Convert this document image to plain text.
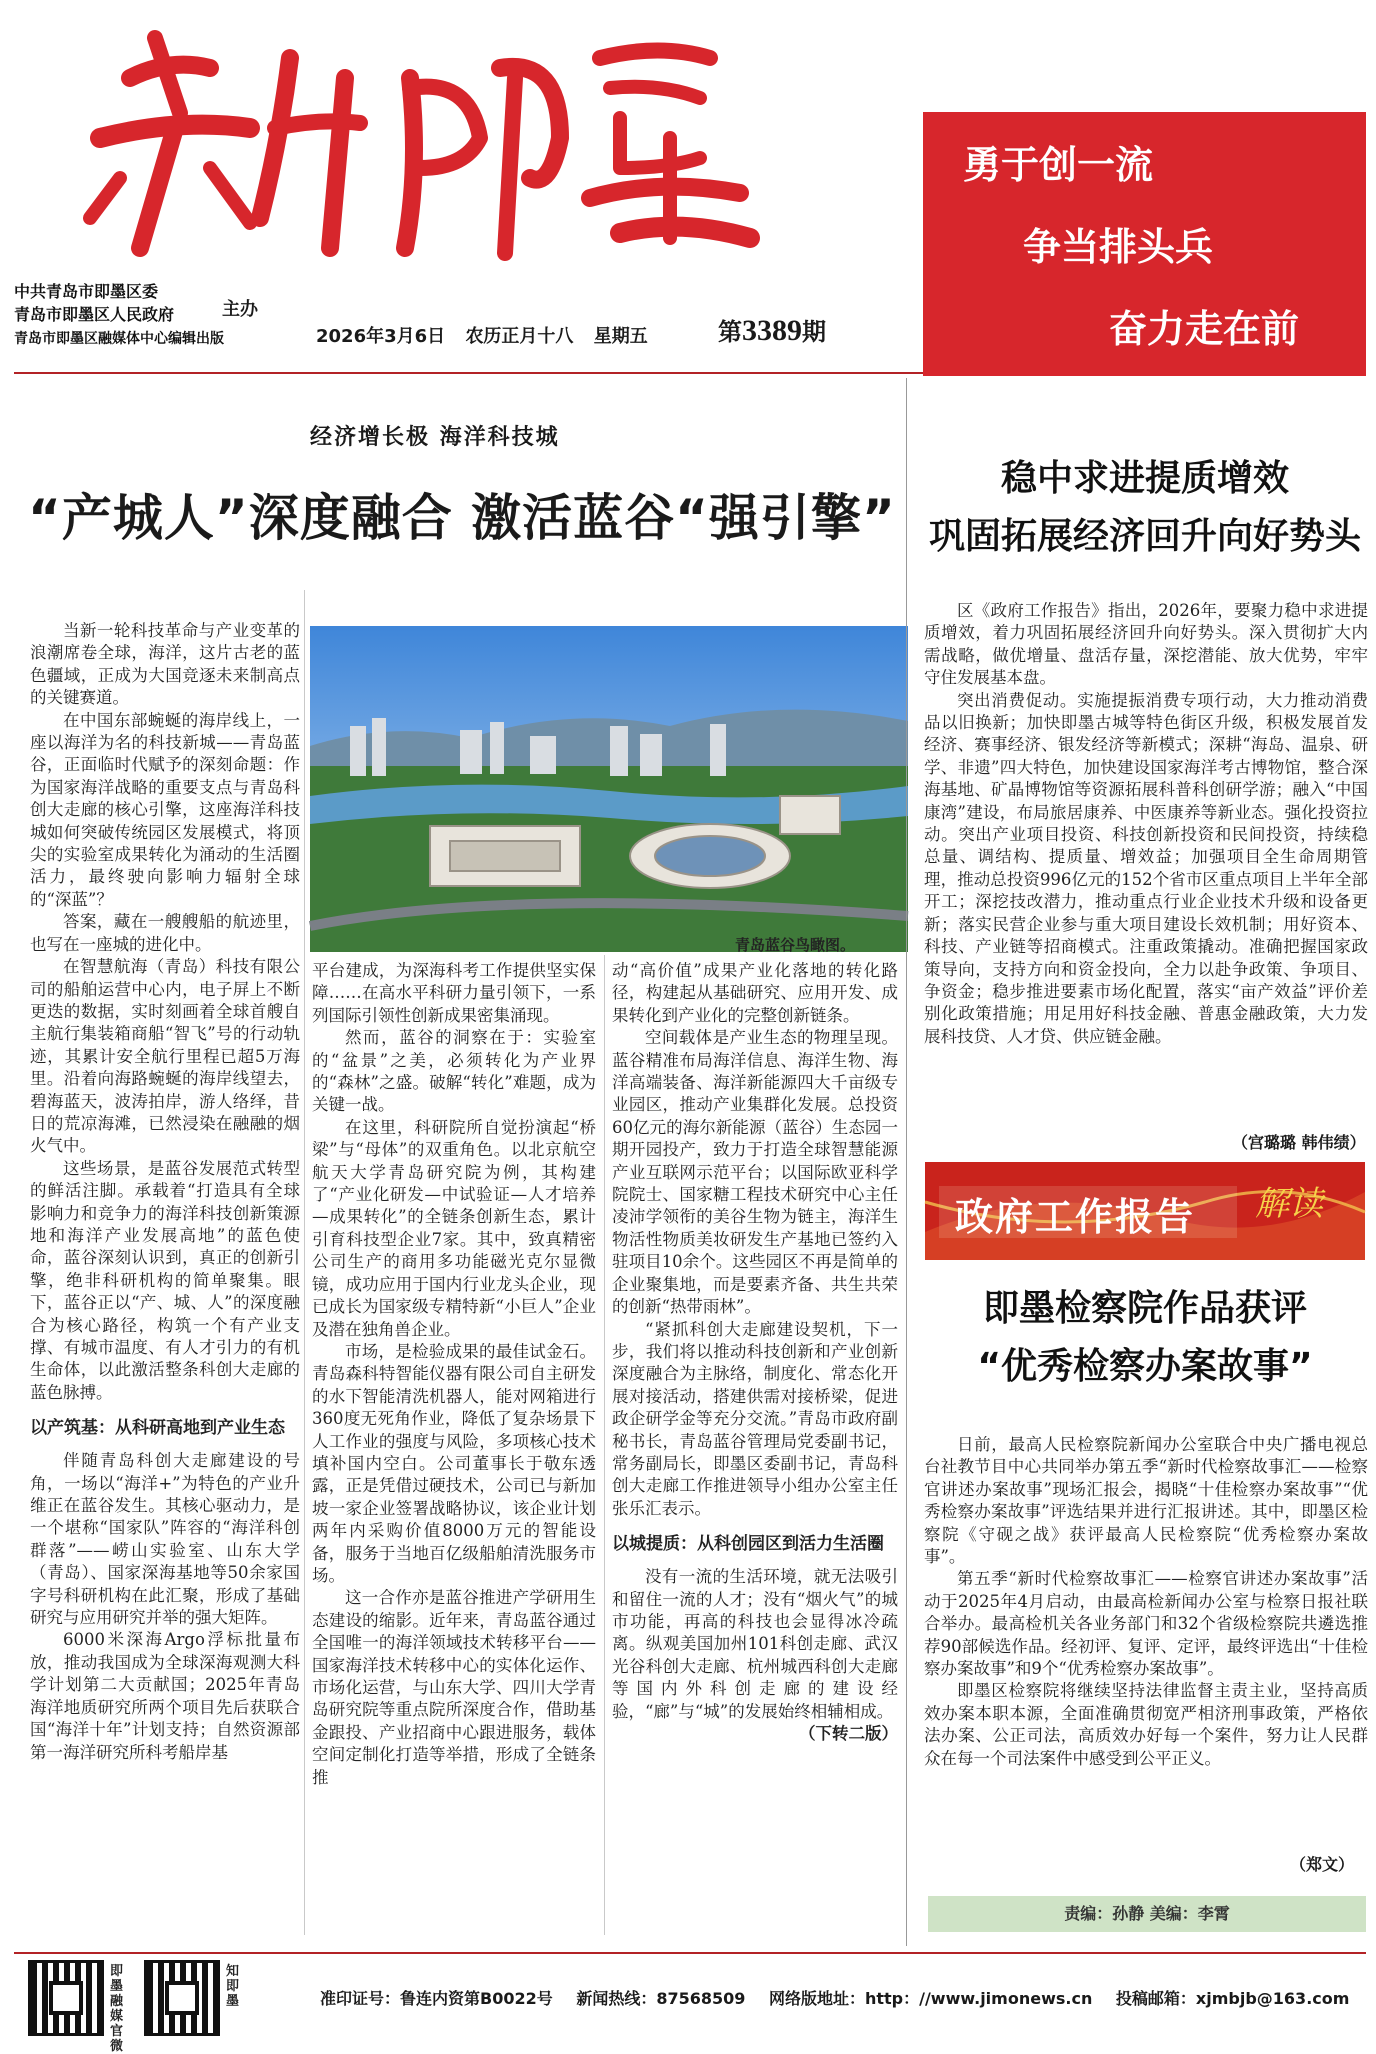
新即墨
中共青岛市即墨区委
青岛市即墨区人民政府
青岛市即墨区融媒体中心编辑出版
主办
2026年3月6日 农历正月十八 星期五	第3389期
勇于创一流
争当排头兵
奋力走在前
经济增长极 海洋科技城
“产城人”深度融合 激活蓝谷“强引擎”

当新一轮科技革命与产业变革的浪潮席卷全球，海洋，这片古老的蓝色疆域，正成为大国竞逐未来制高点的关键赛道。

在中国东部蜿蜒的海岸线上，一座以海洋为名的科技新城——青岛蓝谷，正面临时代赋予的深刻命题：作为国家海洋战略的重要支点与青岛科创大走廊的核心引擎，这座海洋科技城如何突破传统园区发展模式，将顶尖的实验室成果转化为涌动的生活圈活力，最终驶向影响力辐射全球的“深蓝”？

答案，藏在一艘艘船的航迹里，也写在一座城的进化中。

在智慧航海（青岛）科技有限公司的船舶运营中心内，电子屏上不断更迭的数据，实时刻画着全球首艘自主航行集装箱商船“智飞”号的行动轨迹，其累计安全航行里程已超5万海里。沿着向海路蜿蜒的海岸线望去，碧海蓝天，波涛拍岸，游人络绎，昔日的荒凉海滩，已然浸染在融融的烟火气中。

这些场景，是蓝谷发展范式转型的鲜活注脚。承载着“打造具有全球影响力和竞争力的海洋科技创新策源地和海洋产业发展高地”的蓝色使命，蓝谷深刻认识到，真正的创新引擎，绝非科研机构的简单聚集。眼下，蓝谷正以“产、城、人”的深度融合为核心路径，构筑一个有产业支撑、有城市温度、有人才引力的有机生命体，以此激活整条科创大走廊的蓝色脉搏。

以产筑基：从科研高地到产业生态

伴随青岛科创大走廊建设的号角，一场以“海洋+”为特色的产业升维正在蓝谷发生。其核心驱动力，是一个堪称“国家队”阵容的“海洋科创群落”——崂山实验室、山东大学（青岛）、国家深海基地等50余家国字号科研机构在此汇聚，形成了基础研究与应用研究并举的强大矩阵。

6000米深海Argo浮标批量布放，推动我国成为全球深海观测大科学计划第二大贡献国；2025年青岛海洋地质研究所两个项目先后获联合国“海洋十年”计划支持；自然资源部第一海洋研究所科考船岸基

青岛蓝谷鸟瞰图。

平台建成，为深海科考工作提供坚实保障……在高水平科研力量引领下，一系列国际引领性创新成果密集涌现。

然而，蓝谷的洞察在于：实验室的“盆景”之美，必须转化为产业界的“森林”之盛。破解“转化”难题，成为关键一战。

在这里，科研院所自觉扮演起“桥梁”与“母体”的双重角色。以北京航空航天大学青岛研究院为例，其构建了“产业化研发—中试验证—人才培养—成果转化”的全链条创新生态，累计引育科技型企业7家。其中，致真精密公司生产的商用多功能磁光克尔显微镜，成功应用于国内行业龙头企业，现已成长为国家级专精特新“小巨人”企业及潜在独角兽企业。

市场，是检验成果的最佳试金石。青岛森科特智能仪器有限公司自主研发的水下智能清洗机器人，能对网箱进行360度无死角作业，降低了复杂场景下人工作业的强度与风险，多项核心技术填补国内空白。公司董事长于敬东透露，正是凭借过硬技术，公司已与新加坡一家企业签署战略协议，该企业计划两年内采购价值8000万元的智能设备，服务于当地百亿级船舶清洗服务市场。

这一合作亦是蓝谷推进产学研用生态建设的缩影。近年来，青岛蓝谷通过全国唯一的海洋领域技术转移平台——国家海洋技术转移中心的实体化运作、市场化运营，与山东大学、四川大学青岛研究院等重点院所深度合作，借助基金跟投、产业招商中心跟进服务，载体空间定制化打造等举措，形成了全链条推

动“高价值”成果产业化落地的转化路径，构建起从基础研究、应用开发、成果转化到产业化的完整创新链条。

空间载体是产业生态的物理呈现。蓝谷精准布局海洋信息、海洋生物、海洋高端装备、海洋新能源四大千亩级专业园区，推动产业集群化发展。总投资60亿元的海尔新能源（蓝谷）生态园一期开园投产，致力于打造全球智慧能源产业互联网示范平台；以国际欧亚科学院院士、国家糖工程技术研究中心主任凌沛学领衔的美谷生物为链主，海洋生物活性物质美妆研发生产基地已签约入驻项目10余个。这些园区不再是简单的企业聚集地，而是要素齐备、共生共荣的创新“热带雨林”。

“紧抓科创大走廊建设契机，下一步，我们将以推动科技创新和产业创新深度融合为主脉络，制度化、常态化开展对接活动，搭建供需对接桥梁，促进政企研学金等充分交流。”青岛市政府副秘书长，青岛蓝谷管理局党委副书记，常务副局长，即墨区委副书记，青岛科创大走廊工作推进领导小组办公室主任张乐汇表示。

以城提质：从科创园区到活力生活圈

没有一流的生活环境，就无法吸引和留住一流的人才；没有“烟火气”的城市功能，再高的科技也会显得冰冷疏离。纵观美国加州101科创走廊、武汉光谷科创大走廊、杭州城西科创大走廊等国内外科创走廊的建设经验，“廊”与“城”的发展始终相辅相成。

（下转二版）
稳中求进提质增效
巩固拓展经济回升向好势头

区《政府工作报告》指出，2026年，要聚力稳中求进提质增效，着力巩固拓展经济回升向好势头。深入贯彻扩大内需战略，做优增量、盘活存量，深挖潜能、放大优势，牢牢守住发展基本盘。

突出消费促动。实施提振消费专项行动，大力推动消费品以旧换新；加快即墨古城等特色街区升级，积极发展首发经济、赛事经济、银发经济等新模式；深耕“海岛、温泉、研学、非遗”四大特色，加快建设国家海洋考古博物馆，整合深海基地、矿晶博物馆等资源拓展科普科创研学游；融入“中国康湾”建设，布局旅居康养、中医康养等新业态。强化投资拉动。突出产业项目投资、科技创新投资和民间投资，持续稳总量、调结构、提质量、增效益；加强项目全生命周期管理，推动总投资996亿元的152个省市区重点项目上半年全部开工；深挖技改潜力，推动重点行业企业技术升级和设备更新；落实民营企业参与重大项目建设长效机制；用好资本、科技、产业链等招商模式。注重政策撬动。准确把握国家政策导向，支持方向和资金投向，全力以赴争政策、争项目、争资金；稳步推进要素市场化配置，落实“亩产效益”评价差别化政策措施；用足用好科技金融、普惠金融政策，大力发展科技贷、人才贷、供应链金融。

（宫璐璐 韩伟绩）
政府工作报告 解读
即墨检察院作品获评
“优秀检察办案故事”

日前，最高人民检察院新闻办公室联合中央广播电视总台社教节目中心共同举办第五季“新时代检察故事汇——检察官讲述办案故事”现场汇报会，揭晓“十佳检察办案故事”“优秀检察办案故事”评选结果并进行汇报讲述。其中，即墨区检察院《守砚之战》获评最高人民检察院“优秀检察办案故事”。

第五季“新时代检察故事汇——检察官讲述办案故事”活动于2025年4月启动，由最高检新闻办公室与检察日报社联合举办。最高检机关各业务部门和32个省级检察院共遴选推荐90部候选作品。经初评、复评、定评，最终评选出“十佳检察办案故事”和9个“优秀检察办案故事”。

即墨区检察院将继续坚持法律监督主责主业，坚持高质效办案本职本源，全面准确贯彻宽严相济刑事政策，严格依法办案、公正司法，高质效办好每一个案件，努力让人民群众在每一个司法案件中感受到公平正义。

（郑文）
责编：孙静 美编：李霄
即墨融媒官微
知即墨	准印证号：鲁连内资第B0022号 新闻热线：87568509 网络版地址：http：//www.jimonews.cn 投稿邮箱：xjmbjb@163.com
